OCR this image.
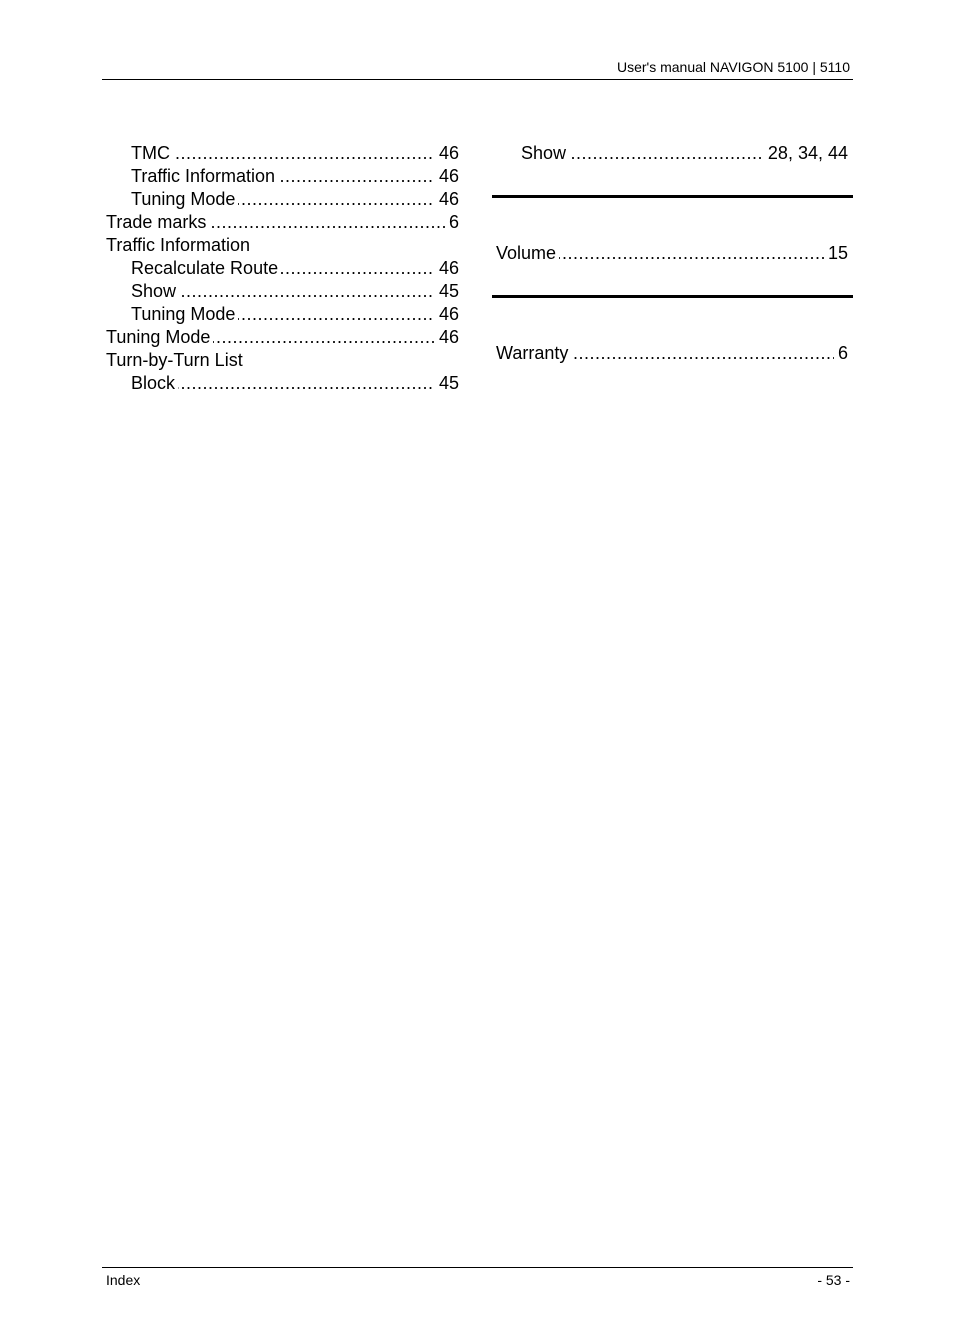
User's manual NAVIGON 5100 | 5110
TMC	46
.....
Traffic Information	46
.....
Tuning Mode	46
.....
Trade marks	6
.....
Traffic Information
Recalculate Route	46
.....
Show	45
.....
Tuning Mode	46
.....
Tuning Mode	46
.....
Turn-by-Turn List
Block	45
.....
Show	28, 34, 44
.....
Volume	15
.....
Warranty	6
.....
Index	- 53 -
